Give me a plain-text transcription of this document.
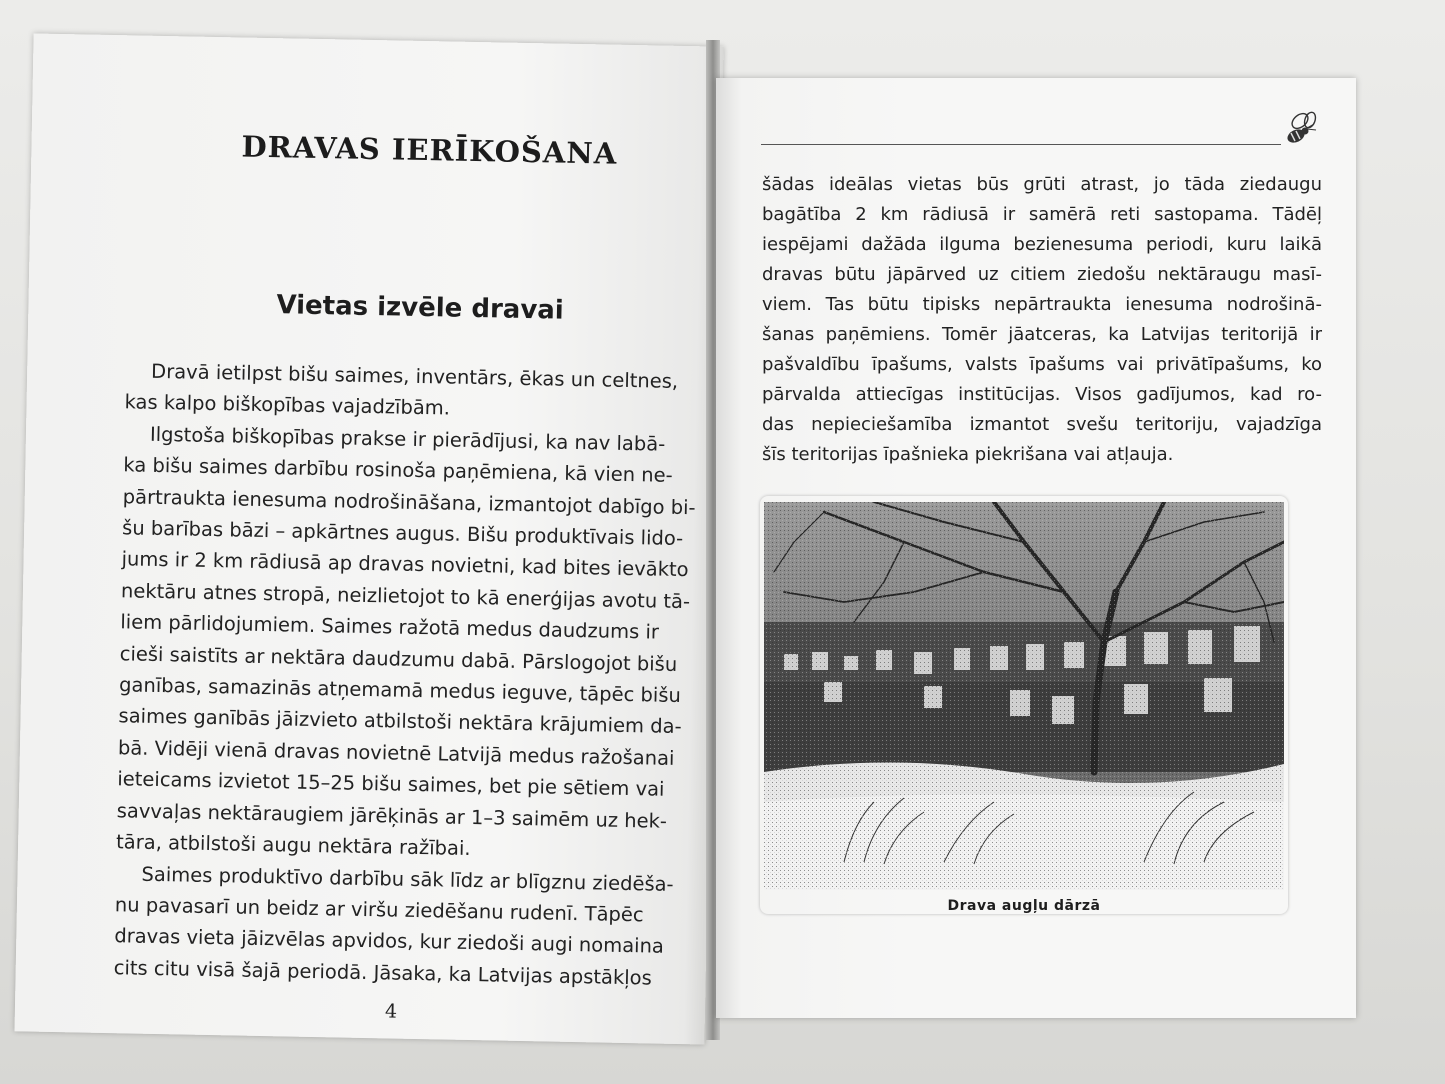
DRAVAS IERĪKOŠANA
Vietas izvēle dravai
Dravā ietilpst bišu saimes, inventārs, ēkas un celtnes,
kas kalpo biškopības vajadzībām.
Ilgstoša biškopības prakse ir pierādījusi, ka nav labā-
ka bišu saimes darbību rosinoša paņēmiena, kā vien ne-
pārtraukta ienesuma nodrošināšana, izmantojot dabīgo bi-
šu barības bāzi – apkārtnes augus. Bišu produktīvais lido-
jums ir 2 km rādiusā ap dravas novietni, kad bites ievākto
nektāru atnes stropā, neizlietojot to kā enerģijas avotu tā-
liem pārlidojumiem. Saimes ražotā medus daudzums ir
cieši saistīts ar nektāra daudzumu dabā. Pārslogojot bišu
ganības, samazinās atņemamā medus ieguve, tāpēc bišu
saimes ganībās jāizvieto atbilstoši nektāra krājumiem da-
bā. Vidēji vienā dravas novietnē Latvijā medus ražošanai
ieteicams izvietot 15–25 bišu saimes, bet pie sētiem vai
savvaļas nektāraugiem jārēķinās ar 1–3 saimēm uz hek-
tāra, atbilstoši augu nektāra ražībai.
Saimes produktīvo darbību sāk līdz ar blīgznu ziedēša-
nu pavasarī un beidz ar viršu ziedēšanu rudenī. Tāpēc
dravas vieta jāizvēlas apvidos, kur ziedoši augi nomaina
cits citu visā šajā periodā. Jāsaka, ka Latvijas apstākļos
4
šādas ideālas vietas būs grūti atrast, jo tāda ziedaugu
bagātība 2 km rādiusā ir samērā reti sastopama. Tādēļ
iespējami dažāda ilguma bezienesuma periodi, kuru laikā
dravas būtu jāpārved uz citiem ziedošu nektāraugu masī-
viem. Tas būtu tipisks nepārtraukta ienesuma nodrošinā-
šanas paņēmiens. Tomēr jāatceras, ka Latvijas teritorijā ir
pašvaldību īpašums, valsts īpašums vai privātīpašums, ko
pārvalda attiecīgas institūcijas. Visos gadījumos, kad ro-
das nepieciešamība izmantot svešu teritoriju, vajadzīga
šīs teritorijas īpašnieka piekrišana vai atļauja.
Drava augļu dārzā
